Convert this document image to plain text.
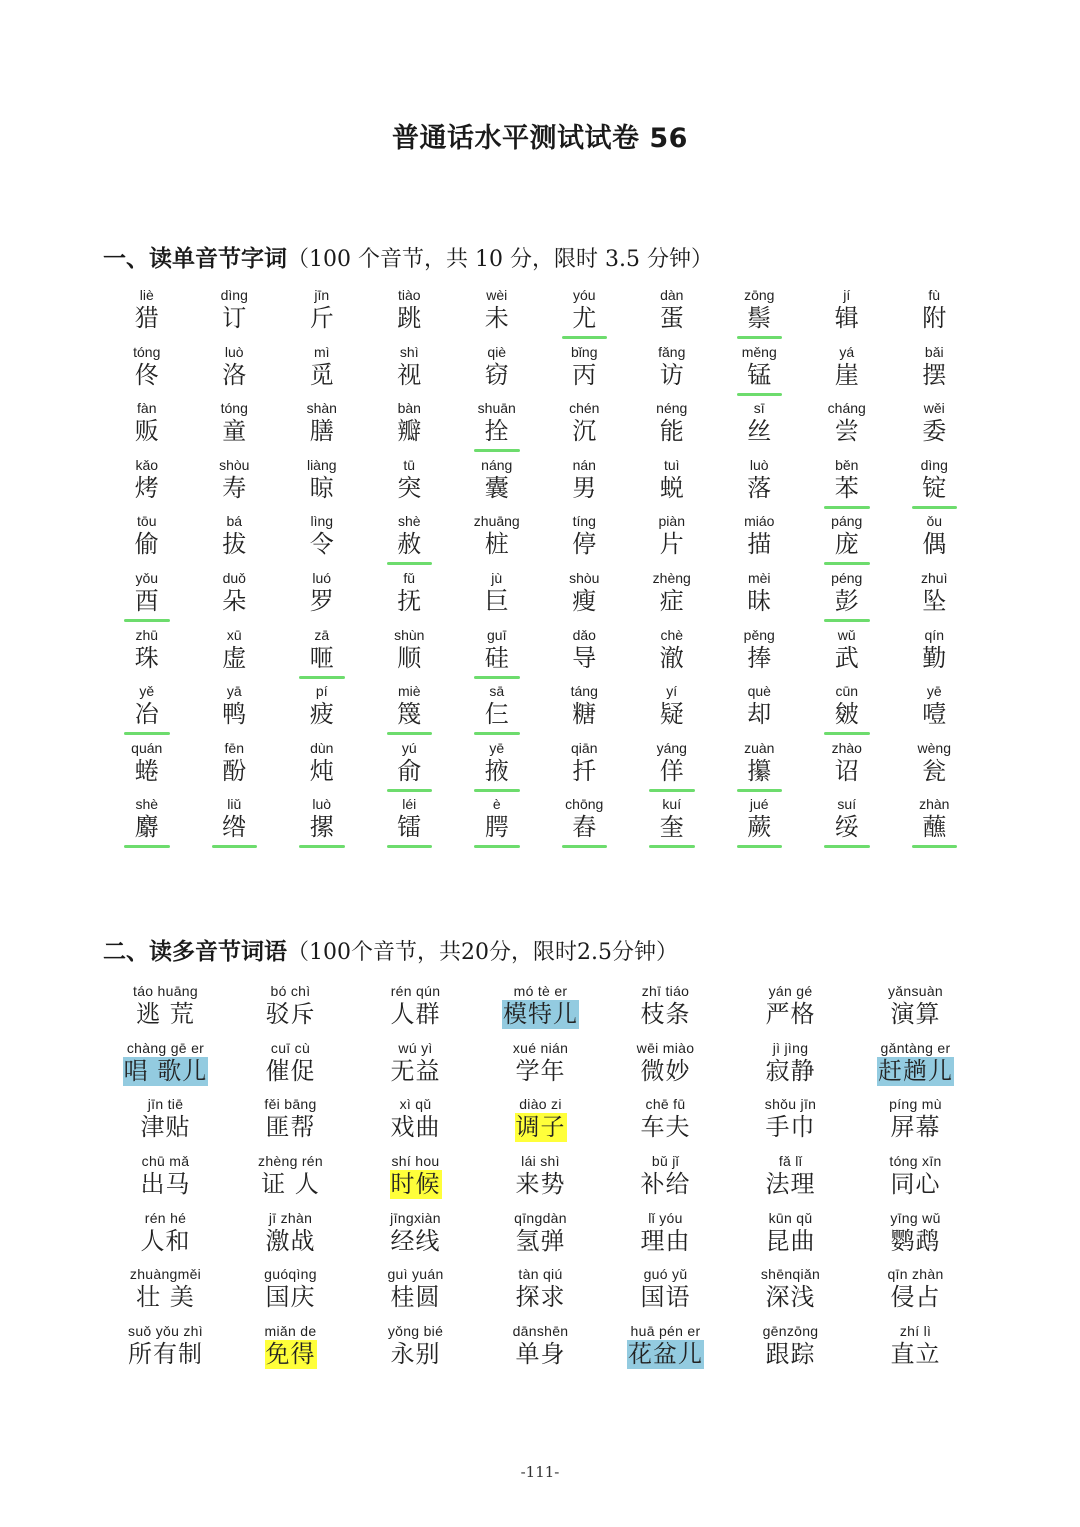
普通话水平测试试卷 56
一、读单音节字词（100 个音节，共 10 分，限时 3.5 分钟）
liè
猎
dìng
订
jīn
斤
tiào
跳
wèi
未
yóu
尤
dàn
蛋
zōng
鬃
jí
辑
fù
附
tóng
佟
luò
洛
mì
觅
shì
视
qiè
窃
bǐng
丙
fǎng
访
měng
锰
yá
崖
bǎi
摆
fàn
贩
tóng
童
shàn
膳
bàn
瓣
shuān
拴
chén
沉
néng
能
sī
丝
cháng
尝
wěi
委
kǎo
烤
shòu
寿
liàng
晾
tū
突
náng
囊
nán
男
tuì
蜕
luò
落
běn
苯
dìng
锭
tōu
偷
bá
拔
lìng
令
shè
赦
zhuāng
桩
tíng
停
piàn
片
miáo
描
páng
庞
ǒu
偶
yǒu
酉
duǒ
朵
luó
罗
fǔ
抚
jù
巨
shòu
瘦
zhèng
症
mèi
昧
péng
彭
zhuì
坠
zhū
珠
xū
虚
zā
咂
shùn
顺
guī
硅
dǎo
导
chè
澈
pěng
捧
wǔ
武
qín
勤
yě
冶
yā
鸭
pí
疲
miè
篾
sā
仨
táng
糖
yí
疑
què
却
cūn
皴
yē
噎
quán
蜷
fēn
酚
dùn
炖
yú
俞
yē
掖
qiān
扦
yáng
佯
zuàn
攥
zhào
诏
wèng
瓮
shè
麝
liǔ
绺
luò
摞
léi
镭
è
腭
chōng
舂
kuí
奎
jué
蕨
suí
绥
zhàn
蘸
二、读多音节词语（100个音节，共20分，限时2.5分钟）
táo huāng
逃 荒
bó chì
驳斥
rén qún
人群
mó tè er
模特儿
zhī tiáo
枝条
yán gé
严格
yǎnsuàn
演算
chàng gē er
唱 歌儿
cuī cù
催促
wú yì
无益
xué nián
学年
wēi miào
微妙
jì jìng
寂静
gǎntàng er
赶趟儿
jīn tiē
津贴
fěi bāng
匪帮
xì qǔ
戏曲
diào zi
调子
chē fū
车夫
shǒu jīn
手巾
píng mù
屏幕
chū mǎ
出马
zhèng rén
证 人
shí hou
时候
lái shì
来势
bǔ jǐ
补给
fǎ lǐ
法理
tóng xīn
同心
rén hé
人和
jī zhàn
激战
jīngxiàn
经线
qīngdàn
氢弹
lǐ yóu
理由
kūn qǔ
昆曲
yīng wǔ
鹦鹉
zhuàngměi
壮 美
guóqìng
国庆
guì yuán
桂圆
tàn qiú
探求
guó yǔ
国语
shēnqiǎn
深浅
qīn zhàn
侵占
suǒ yǒu zhì
所有制
miǎn de
免得
yǒng bié
永别
dānshēn
单身
huā pén er
花盆儿
gēnzōng
跟踪
zhí lì
直立
-111-
